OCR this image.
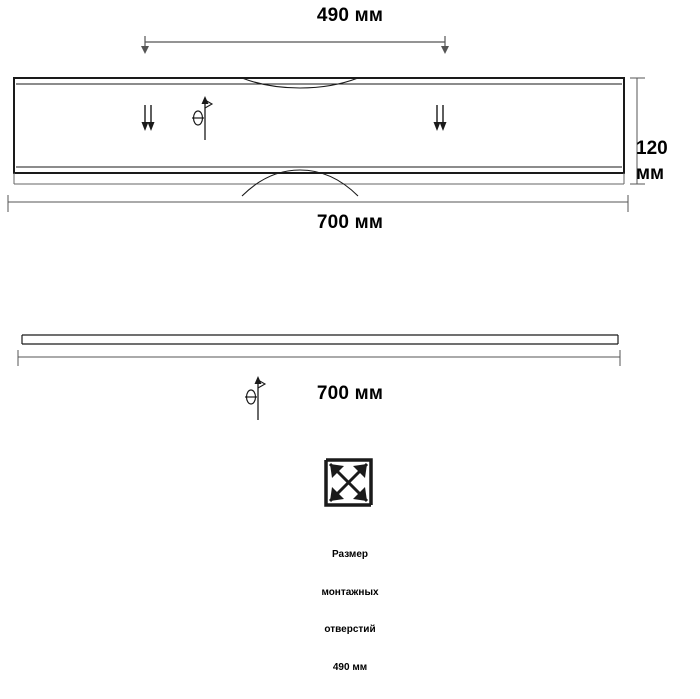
490 мм
120
мм
700 мм
700 мм

Размер

монтажных

отверстий

490 мм
